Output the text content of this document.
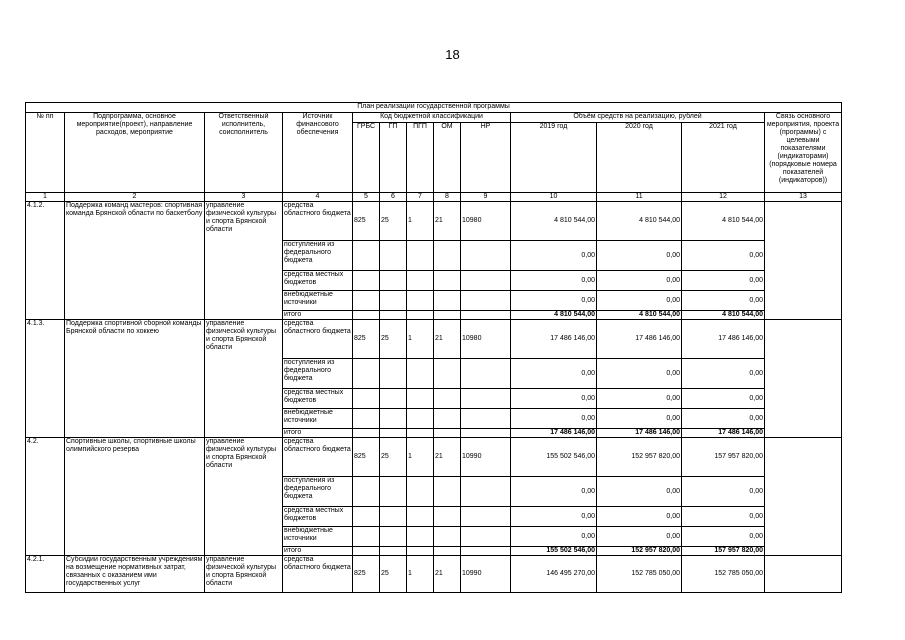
18
План реализации государственной программы												
№ пп	Подпрограмма, основное мероприятие(проект), направление расходов, мероприятие	Ответственный исполнитель, соисполнитель	Источник финансового обеспечения	Код бюджетной классификации					Объём средств на реализацию, рублей			Связь основного мероприятия, проекта (программы) с целевыми показателями (индикаторами) (порядковые номера показателей (индикаторов))
				ГРБС	ГП	ПГП	ОМ	НР	2019 год	2020 год	2021 год	
1	2	3	4	5	6	7	8	9	10	11	12	13
4.1.2.	Поддержка команд мастеров: спортивная команда Брянской области по баскетболу	управление физической культуры и спорта Брянской области	средства областного бюджета	825	25	1	21	10980	4 810 544,00	4 810 544,00	4 810 544,00	
			поступления из федерального бюджета						0,00	0,00	0,00	
			средства местных бюджетов						0,00	0,00	0,00	
			внебюджетные источники						0,00	0,00	0,00	
			итого						4 810 544,00	4 810 544,00	4 810 544,00	
4.1.3.	Поддержка спортивной сборной команды Брянской области по хоккею	управление физической культуры и спорта Брянской области	средства областного бюджета	825	25	1	21	10980	17 486 146,00	17 486 146,00	17 486 146,00	
			поступления из федерального бюджета						0,00	0,00	0,00	
			средства местных бюджетов						0,00	0,00	0,00	
			внебюджетные источники						0,00	0,00	0,00	
			итого						17 486 146,00	17 486 146,00	17 486 146,00	
4.2.	Спортивные школы, спортивные школы олимпийского резерва	управление физической культуры и спорта Брянской области	средства областного бюджета	825	25	1	21	10990	155 502 546,00	152 957 820,00	157 957 820,00	
			поступления из федерального бюджета						0,00	0,00	0,00	
			средства местных бюджетов						0,00	0,00	0,00	
			внебюджетные источники						0,00	0,00	0,00	
			итого						155 502 546,00	152 957 820,00	157 957 820,00	
4.2.1.	Субсидии государственным учреждениям на возмещение нормативных затрат, связанных с оказанием ими государственных услуг	управление физической культуры и спорта Брянской области	средства областного бюджета	825	25	1	21	10990	146 495 270,00	152 785 050,00	152 785 050,00	
